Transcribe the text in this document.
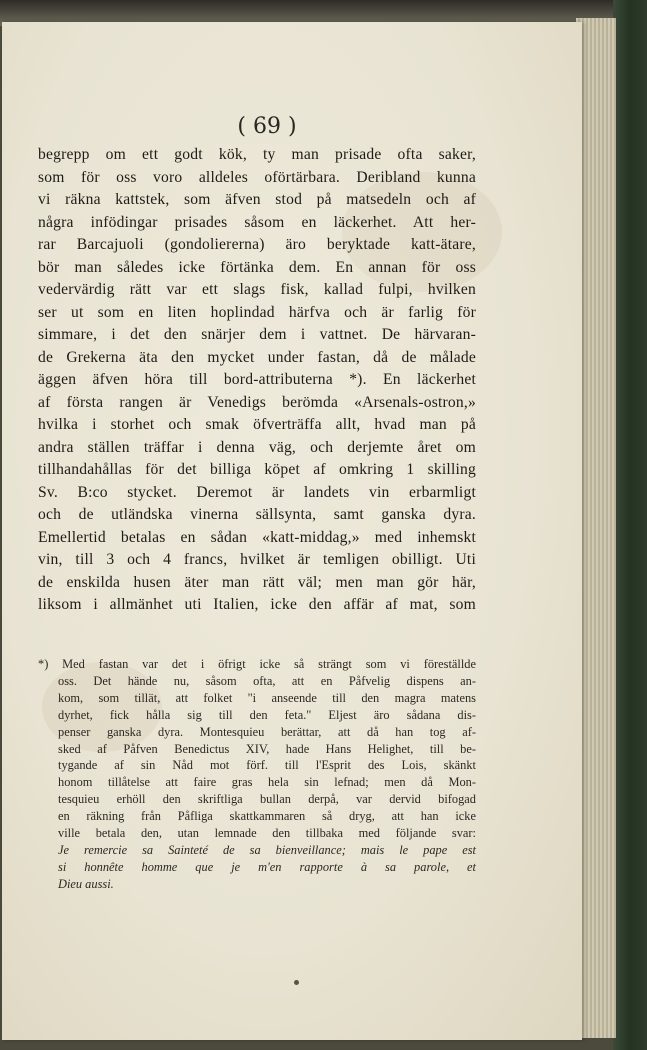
( 69 )
begrepp om ett godt kök, ty man prisade ofta saker,
som för oss voro alldeles oförtärbara. Deribland kunna
vi räkna kattstek, som äfven stod på matsedeln och af
några infödingar prisades såsom en läckerhet. Att her-
rar Barcajuoli (gondoliererna) äro beryktade katt-ätare,
bör man således icke förtänka dem. En annan för oss
vedervärdig rätt var ett slags fisk, kallad fulpi, hvilken
ser ut som en liten hoplindad härfva och är farlig för
simmare, i det den snärjer dem i vattnet. De härvaran-
de Grekerna äta den mycket under fastan, då de målade
äggen äfven höra till bord-attributerna *). En läckerhet
af första rangen är Venedigs berömda «Arsenals-ostron,»
hvilka i storhet och smak öfverträffa allt, hvad man på
andra ställen träffar i denna väg, och derjemte året om
tillhandahållas för det billiga köpet af omkring 1 skilling
Sv. B:co stycket. Deremot är landets vin erbarmligt
och de utländska vinerna sällsynta, samt ganska dyra.
Emellertid betalas en sådan «katt-middag,» med inhemskt
vin, till 3 och 4 francs, hvilket är temligen obilligt. Uti
de enskilda husen äter man rätt väl; men man gör här,
liksom i allmänhet uti Italien, icke den affär af mat, som
*) Med fastan var det i öfrigt icke så strängt som vi föreställde
oss. Det hände nu, såsom ofta, att en Påfvelig dispens an-
kom, som tillät, att folket "i anseende till den magra matens
dyrhet, fick hålla sig till den feta." Eljest äro sådana dis-
penser ganska dyra. Montesquieu berättar, att då han tog af-
sked af Påfven Benedictus XIV, hade Hans Helighet, till be-
tygande af sin Nåd mot förf. till l'Esprit des Lois, skänkt
honom tillåtelse att faire gras hela sin lefnad; men då Mon-
tesquieu erhöll den skriftliga bullan derpå, var dervid bifogad
en räkning från Påfliga skattkammaren så dryg, att han icke
ville betala den, utan lemnade den tillbaka med följande svar:
Je remercie sa Sainteté de sa bienveillance; mais le pape est
si honnête homme que je m'en rapporte à sa parole, et
Dieu aussi.
